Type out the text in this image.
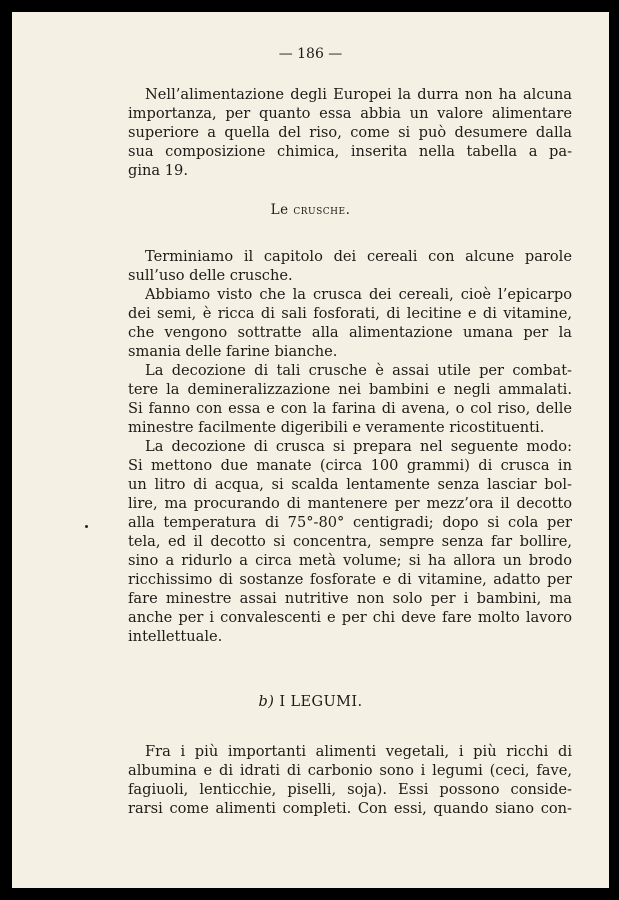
— 186 —
Nell’alimentazione degli Europei la durra non ha alcuna
importanza, per quanto essa abbia un valore alimentare
superiore a quella del riso, come si può desumere dalla
sua composizione chimica, inserita nella tabella a pa-
gina 19.
Le crusche.
Terminiamo il capitolo dei cereali con alcune parole
sull’uso delle crusche.
Abbiamo visto che la crusca dei cereali, cioè l’epicarpo
dei semi, è ricca di sali fosforati, di lecitine e di vitamine,
che vengono sottratte alla alimentazione umana per la
smania delle farine bianche.
La decozione di tali crusche è assai utile per combat-
tere la demineralizzazione nei bambini e negli ammalati.
Si fanno con essa e con la farina di avena, o col riso, delle
minestre facilmente digeribili e veramente ricostituenti.
La decozione di crusca si prepara nel seguente modo:
Si mettono due manate (circa 100 grammi) di crusca in
un litro di acqua, si scalda lentamente senza lasciar bol-
lire, ma procurando di mantenere per mezz’ora il decotto
alla temperatura di 75°-80° centigradi; dopo si cola per
tela, ed il decotto si concentra, sempre senza far bollire,
sino a ridurlo a circa metà volume; si ha allora un brodo
ricchissimo di sostanze fosforate e di vitamine, adatto per
fare minestre assai nutritive non solo per i bambini, ma
anche per i convalescenti e per chi deve fare molto lavoro
intellettuale.
b) I LEGUMI.
Fra i più importanti alimenti vegetali, i più ricchi di
albumina e di idrati di carbonio sono i legumi (ceci, fave,
fagiuoli, lenticchie, piselli, soja). Essi possono conside-
rarsi come alimenti completi. Con essi, quando siano con-
